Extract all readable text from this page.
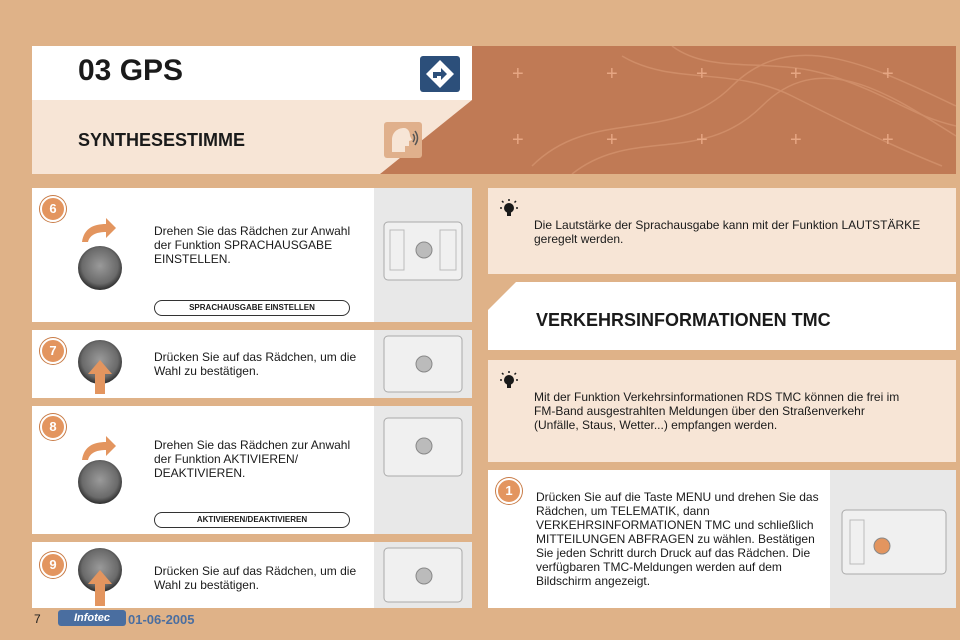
+	+	+	+	+
+	+	+	+	+
03 GPS
SYNTHESESTIMME
6
Drehen Sie das Rädchen zur Anwahl der Funktion SPRACHAUSGABE EINSTELLEN.
SPRACHAUSGABE EINSTELLEN
7	Drücken Sie auf das Rädchen, um die Wahl zu bestätigen.
8
Drehen Sie das Rädchen zur Anwahl der Funktion AKTIVIEREN/ DEAKTIVIEREN.
AKTIVIEREN/DEAKTIVIEREN
9	Drücken Sie auf das Rädchen, um die Wahl zu bestätigen.
Die Lautstärke der Sprachausgabe kann mit der Funktion LAUTSTÄRKE geregelt werden.
VERKEHRSINFORMATIONEN TMC
Mit der Funktion Verkehrsinformationen RDS TMC können die frei im FM-Band ausgestrahlten Meldungen über den Straßenverkehr (Unfälle, Staus, Wetter...) empfangen werden.
1	Drücken Sie auf die Taste MENU und drehen Sie das Rädchen, um TELEMATIK, dann VERKEHRSINFORMATIONEN TMC und schließlich MITTEILUNGEN ABFRAGEN zu wählen. Bestätigen Sie jeden Schritt durch Druck auf das Rädchen. Die verfügbaren TMC-Meldungen werden auf dem Bildschirm angezeigt.
7	Infotec	01-06-2005
